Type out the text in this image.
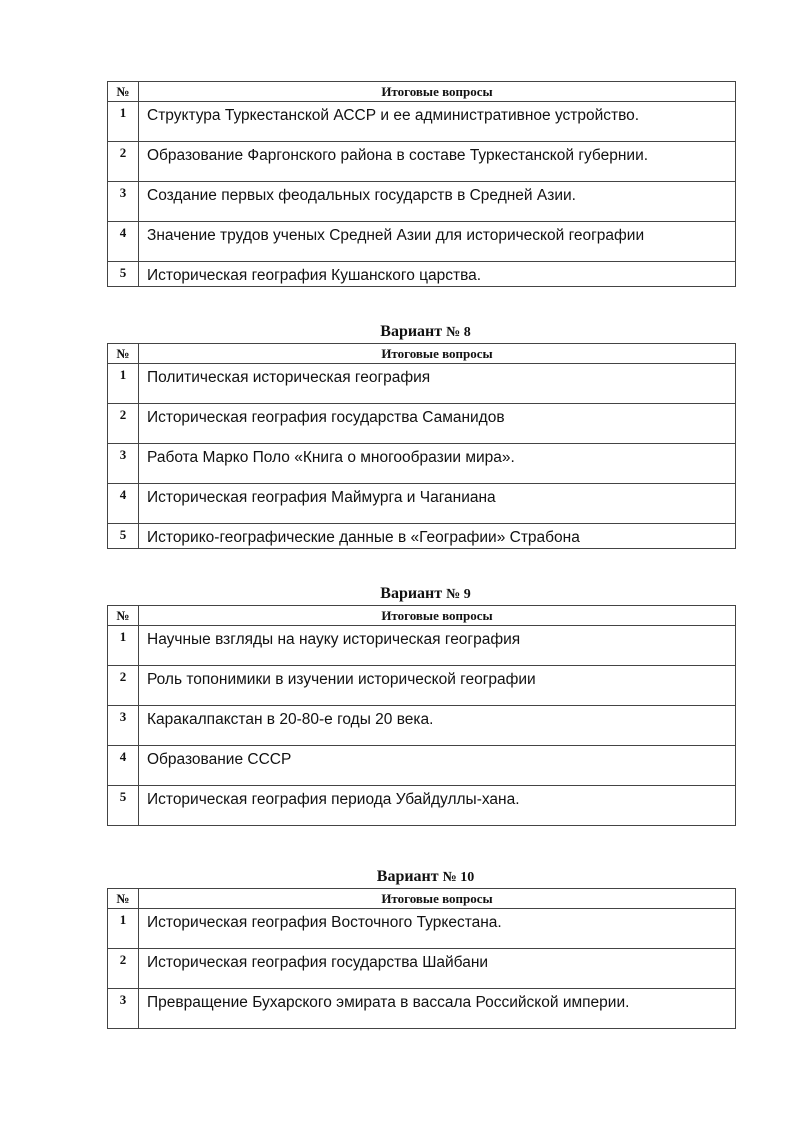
№	Итоговые вопросы
1	Структура Туркестанской АССР и ее административное устройство.
2	Образование Фаргонского района в составе Туркестанской губернии.
3	Создание первых феодальных государств в Средней Азии.
4	Значение трудов ученых Средней Азии для исторической географии
5	Историческая география Кушанского царства.
Вариант № 8
№	Итоговые вопросы
1	Политическая историческая география
2	Историческая география государства Саманидов
3	Работа Марко Поло «Книга о многообразии мира».
4	Историческая география Маймурга и Чаганиана
5	Историко-географические данные в «Географии» Страбона
Вариант № 9
№	Итоговые вопросы
1	Научные взгляды на науку историческая география
2	Роль топонимики в изучении исторической географии
3	Каракалпакстан в 20-80-е годы 20 века.
4	Образование СССР
5	Историческая география периода Убайдуллы-хана.
Вариант № 10
№	Итоговые вопросы
1	Историческая география Восточного Туркестана.
2	Историческая география государства Шайбани
3	Превращение Бухарского эмирата в вассала Российской империи.
